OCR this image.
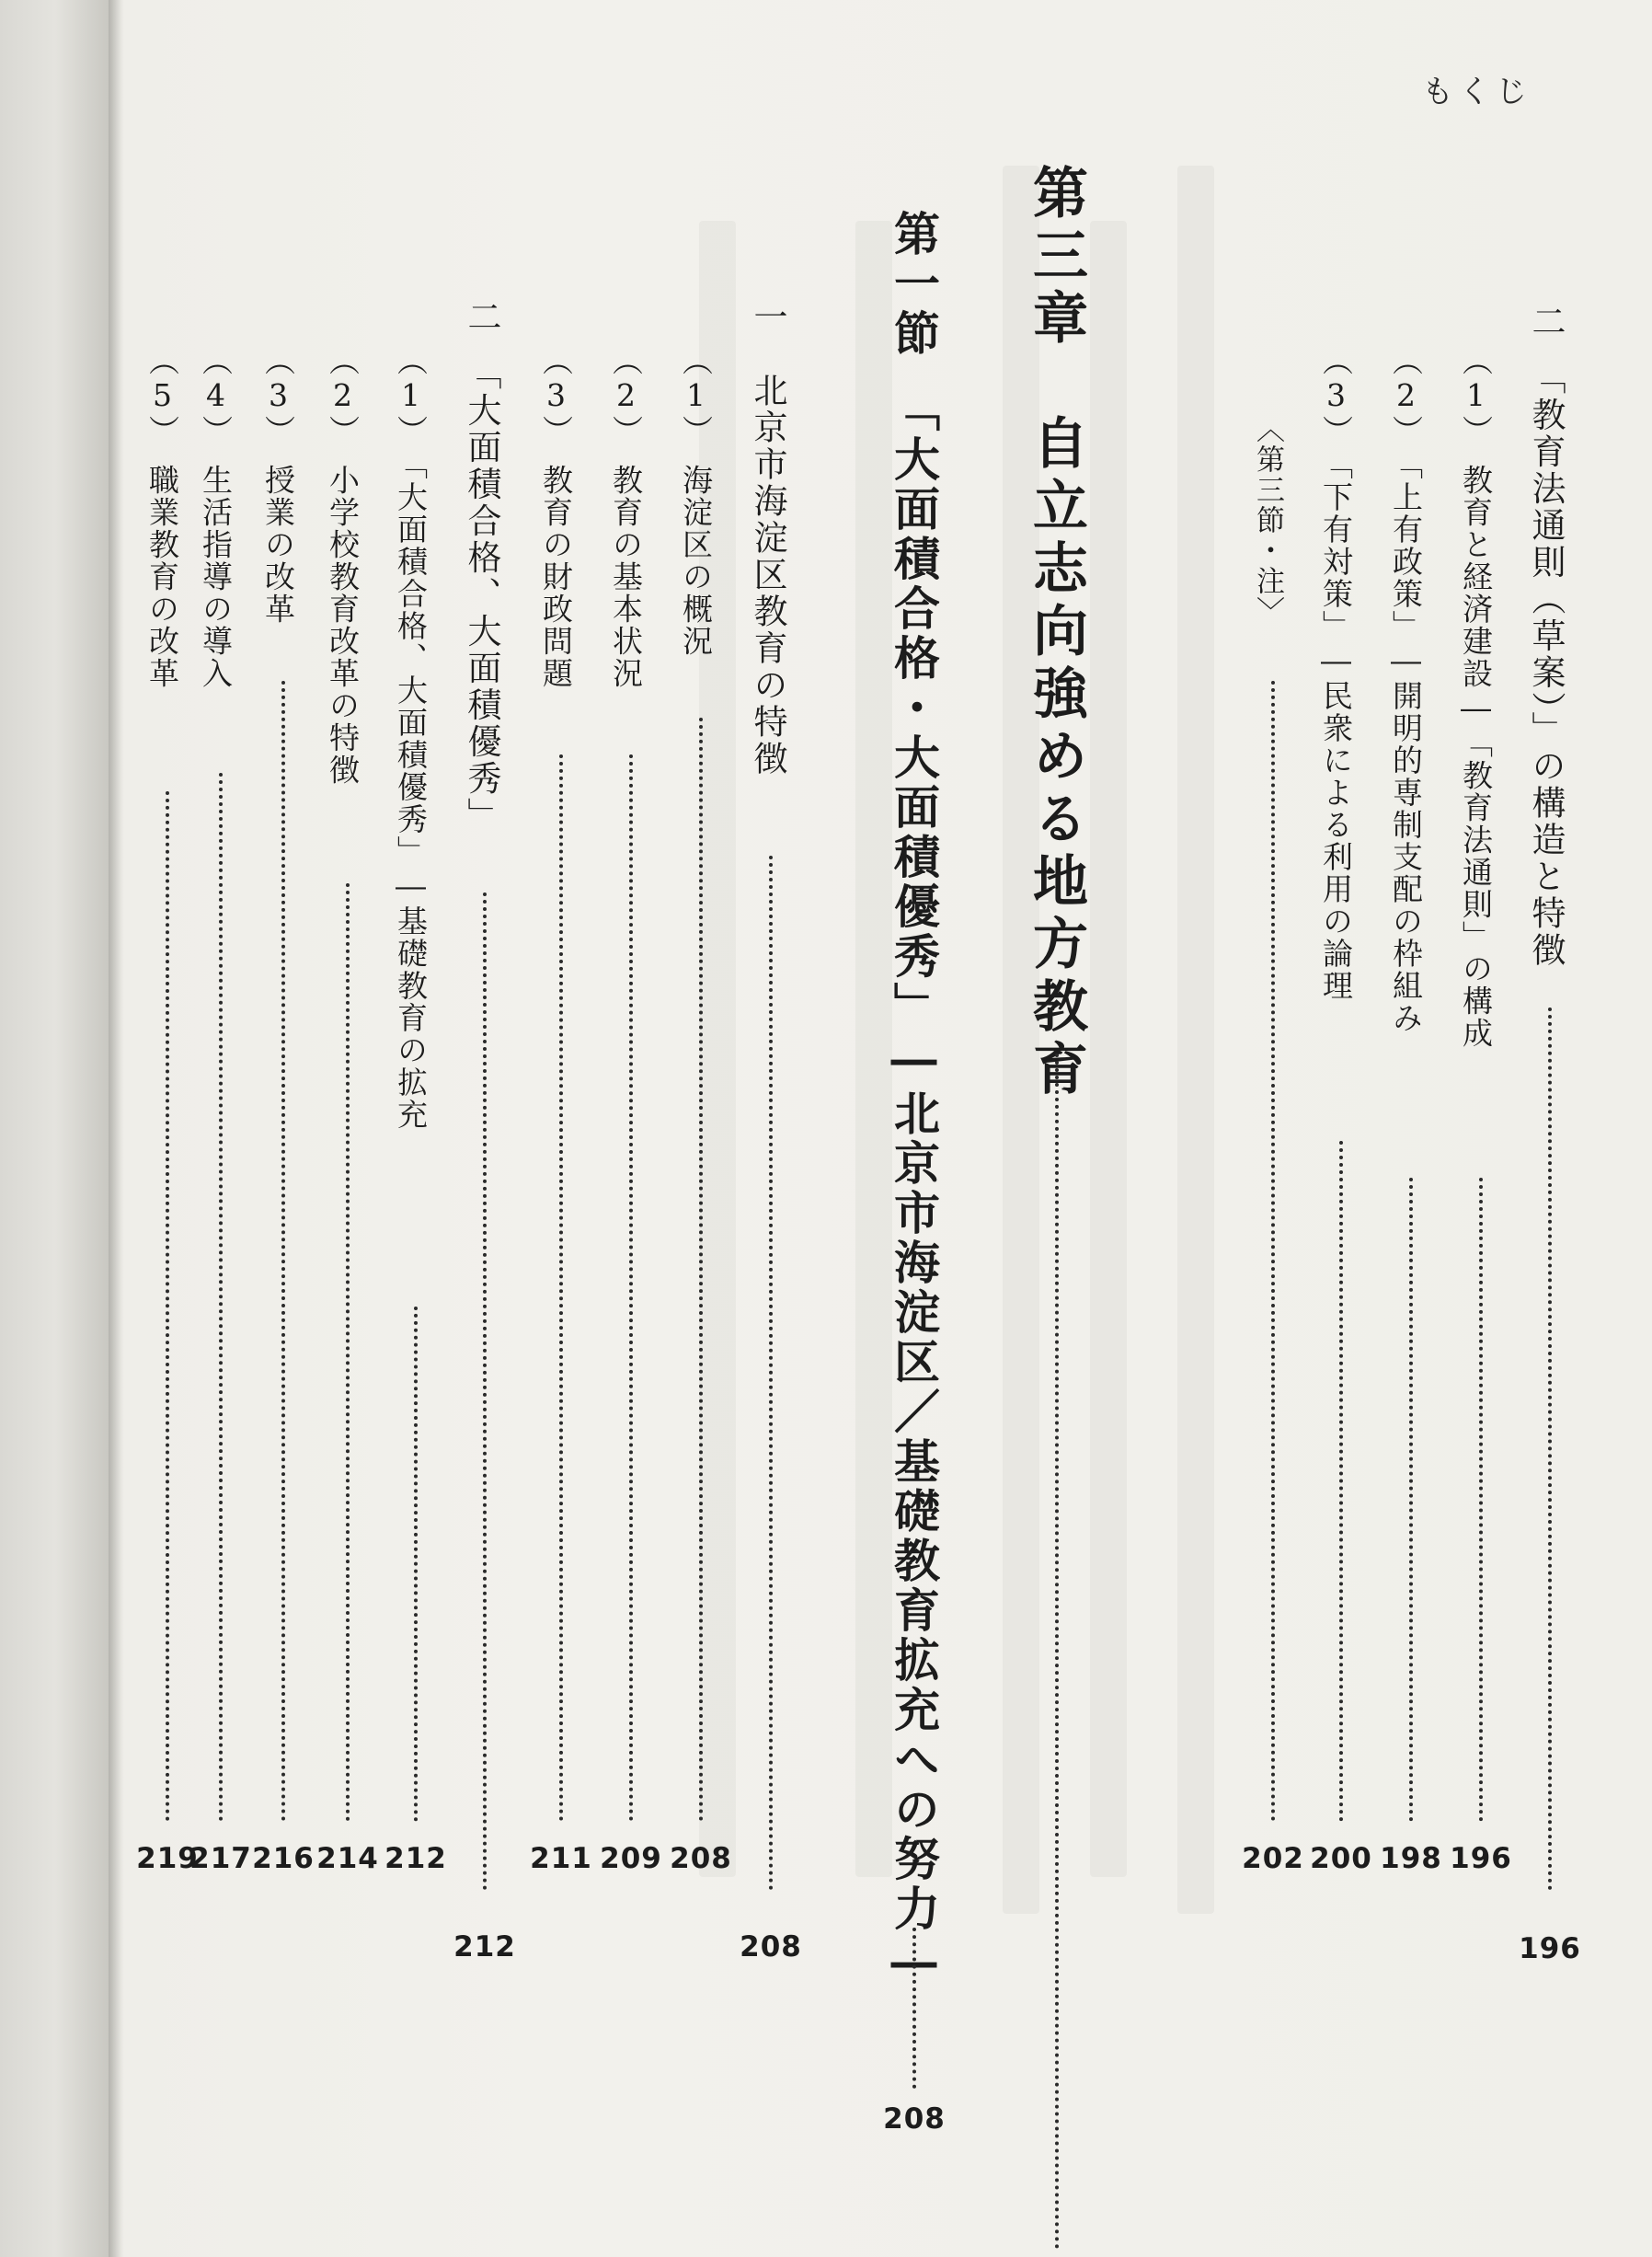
もくじ
二　「教育法通則（草案）」の構造と特徴
196
（1）　教育と経済建設―「教育法通則」の構成
196
（2）　「上有政策」―開明的専制支配の枠組み
198
（3）　「下有対策」―民衆による利用の論理
200
〈第三節・注〉
202
第三章　自立志向強める地方教育
第一節　「大面積合格・大面積優秀」―北京市海淀区／基礎教育拡充への努力―
208
一　北京市海淀区教育の特徴
208
（1）　海淀区の概況
208
（2）　教育の基本状況
209
（3）　教育の財政問題
211
二　「大面積合格、大面積優秀」
212
（1）　「大面積合格、大面積優秀」―基礎教育の拡充
212
（2）　小学校教育改革の特徴
214
（3）　授業の改革
216
（4）　生活指導の導入
217
（5）　職業教育の改革
219
